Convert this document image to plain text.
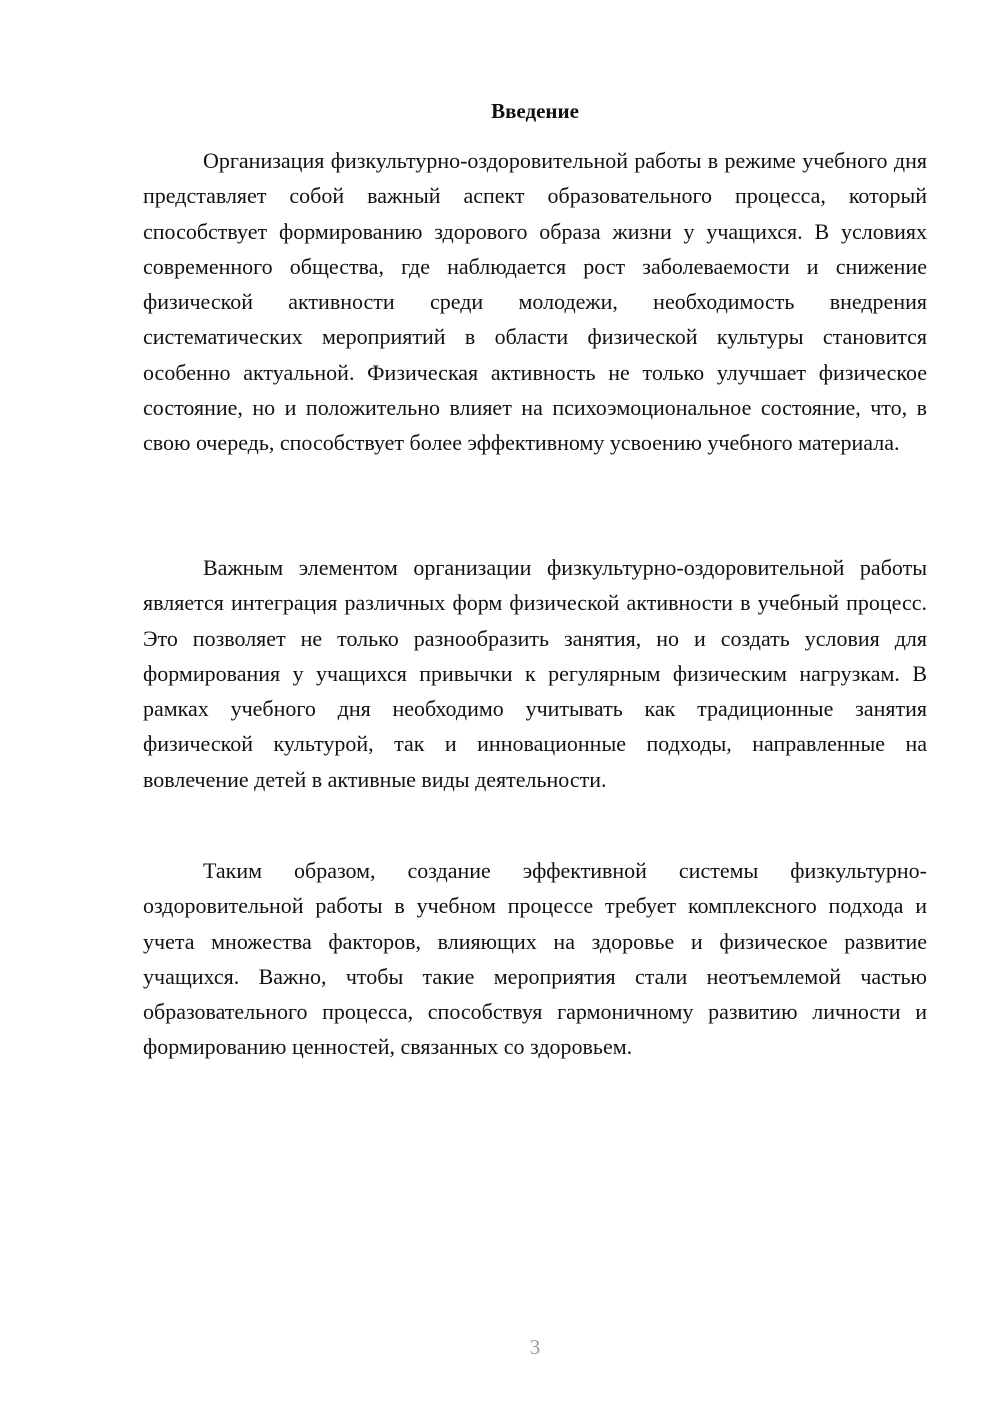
Введение

Организация физкультурно-оздоровительной работы в режиме учебного дня представляет собой важный аспект образовательного процесса, который способствует формированию здорового образа жизни у учащихся. В условиях современного общества, где наблюдается рост заболеваемости и снижение физической активности среди молодежи, необходимость внедрения систематических мероприятий в области физической культуры становится особенно актуальной. Физическая активность не только улучшает физическое состояние, но и положительно влияет на психоэмоциональное состояние, что, в свою очередь, способствует более эффективному усвоению учебного материала.

Важным элементом организации физкультурно-оздоровительной работы является интеграция различных форм физической активности в учебный процесс. Это позволяет не только разнообразить занятия, но и создать условия для формирования у учащихся привычки к регулярным физическим нагрузкам. В рамках учебного дня необходимо учитывать как традиционные занятия физической культурой, так и инновационные подходы, направленные на вовлечение детей в активные виды деятельности.

Таким образом, создание эффективной системы физкультурно-оздоровительной работы в учебном процессе требует комплексного подхода и учета множества факторов, влияющих на здоровье и физическое развитие учащихся. Важно, чтобы такие мероприятия стали неотъемлемой частью образовательного процесса, способствуя гармоничному развитию личности и формированию ценностей, связанных со здоровьем.

3
